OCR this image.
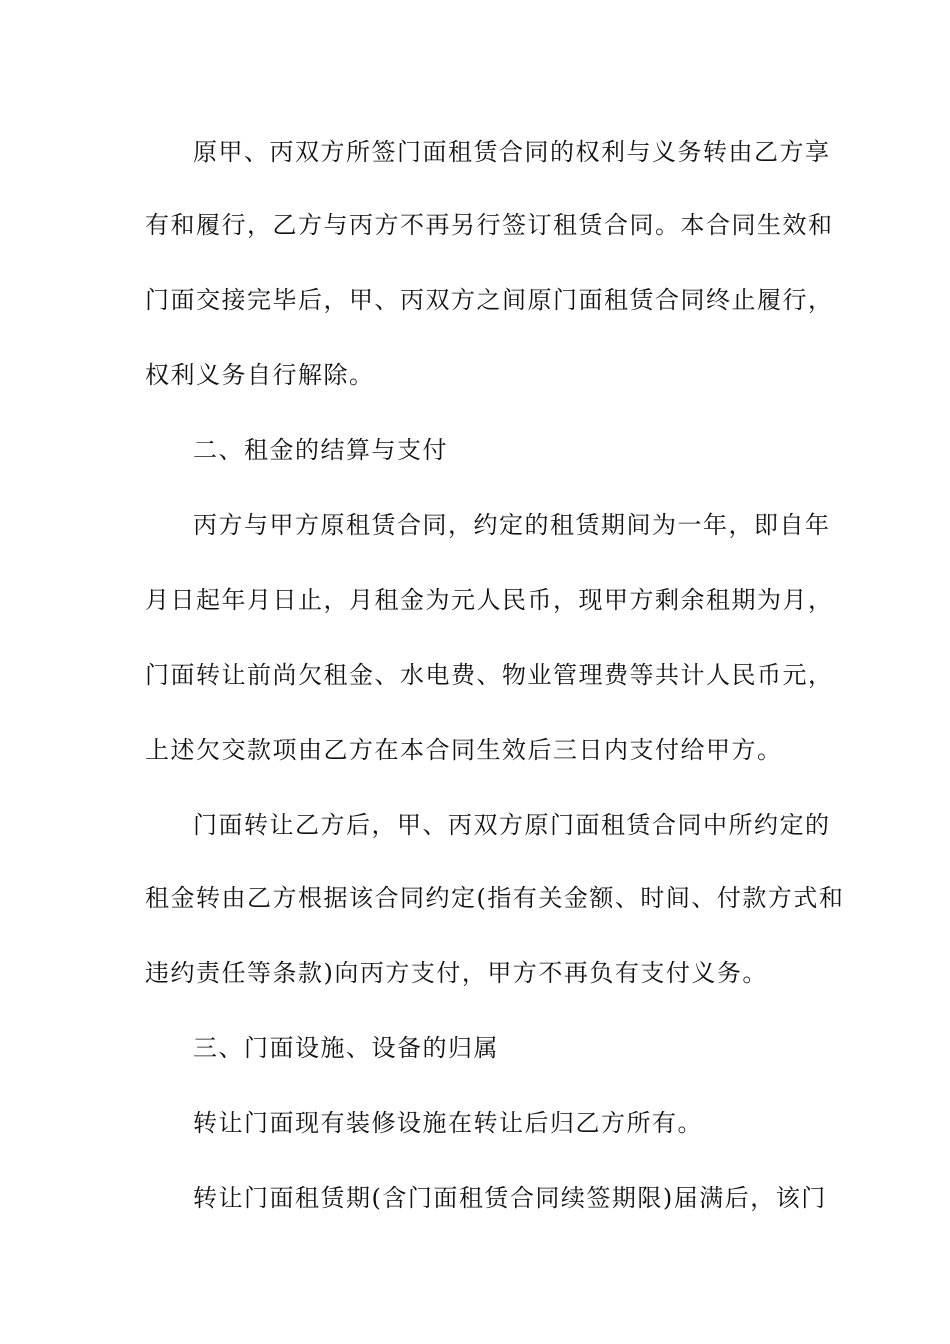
原甲、丙双方所签门面租赁合同的权利与义务转由乙方享
有和履行，乙方与丙方不再另行签订租赁合同。本合同生效和
门面交接完毕后，甲、丙双方之间原门面租赁合同终止履行，
权利义务自行解除。
二、租金的结算与支付
丙方与甲方原租赁合同，约定的租赁期间为一年，即自年
月日起年月日止，月租金为元人民币，现甲方剩余租期为月，
门面转让前尚欠租金、水电费、物业管理费等共计人民币元，
上述欠交款项由乙方在本合同生效后三日内支付给甲方。
门面转让乙方后，甲、丙双方原门面租赁合同中所约定的
租金转由乙方根据该合同约定(指有关金额、时间、付款方式和
违约责任等条款)向丙方支付，甲方不再负有支付义务。
三、门面设施、设备的归属
转让门面现有装修设施在转让后归乙方所有。
转让门面租赁期(含门面租赁合同续签期限)届满后，该门
